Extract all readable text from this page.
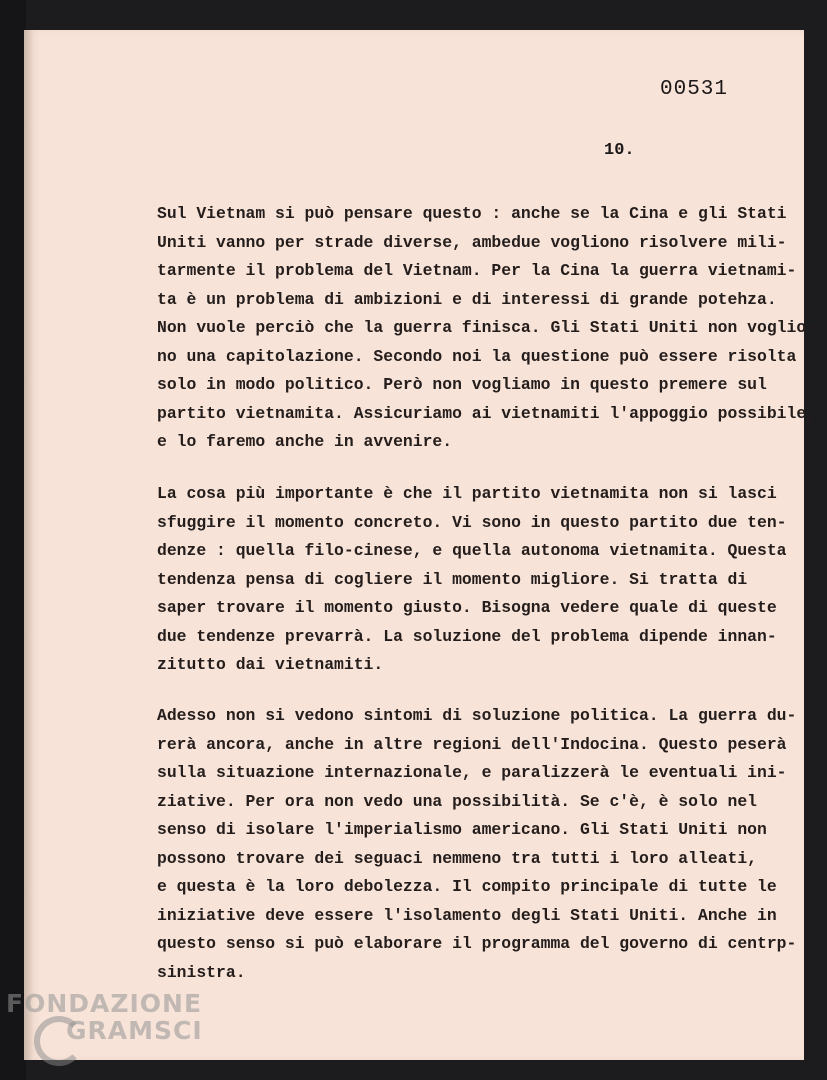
00531
10.
Sul Vietnam si può pensare questo : anche se la Cina e gli Stati
Uniti vanno per strade diverse, ambedue vogliono risolvere mili-
tarmente il problema del Vietnam. Per la Cina la guerra vietnami-
ta è un problema di ambizioni e di interessi di grande potehza.
Non vuole perciò che la guerra finisca. Gli Stati Uniti non voglio-
no una capitolazione. Secondo noi la questione può essere risolta
solo in modo politico. Però non vogliamo in questo premere sul
partito vietnamita. Assicuriamo ai vietnamiti l'appoggio possibile,
e lo faremo anche in avvenire.
La cosa più importante è che il partito vietnamita non si lasci
sfuggire il momento concreto. Vi sono in questo partito due ten-
denze : quella filo-cinese, e quella autonoma vietnamita. Questa
tendenza pensa di cogliere il momento migliore. Si tratta di
saper trovare il momento giusto. Bisogna vedere quale di queste
due tendenze prevarrà. La soluzione del problema dipende innan-
zitutto dai vietnamiti.
Adesso non si vedono sintomi di soluzione politica. La guerra du-
rerà ancora, anche in altre regioni dell'Indocina. Questo peserà
sulla situazione internazionale, e paralizzerà le eventuali ini-
ziative. Per ora non vedo una possibilità. Se c'è, è solo nel
senso di isolare l'imperialismo americano. Gli Stati Uniti non
possono trovare dei seguaci nemmeno tra tutti i loro alleati,
e questa è la loro debolezza. Il compito principale di tutte le
iniziative deve essere l'isolamento degli Stati Uniti. Anche in
questo senso si può elaborare il programma del governo di centrp-
sinistra.
FONDAZIONE
GRAMSCI
